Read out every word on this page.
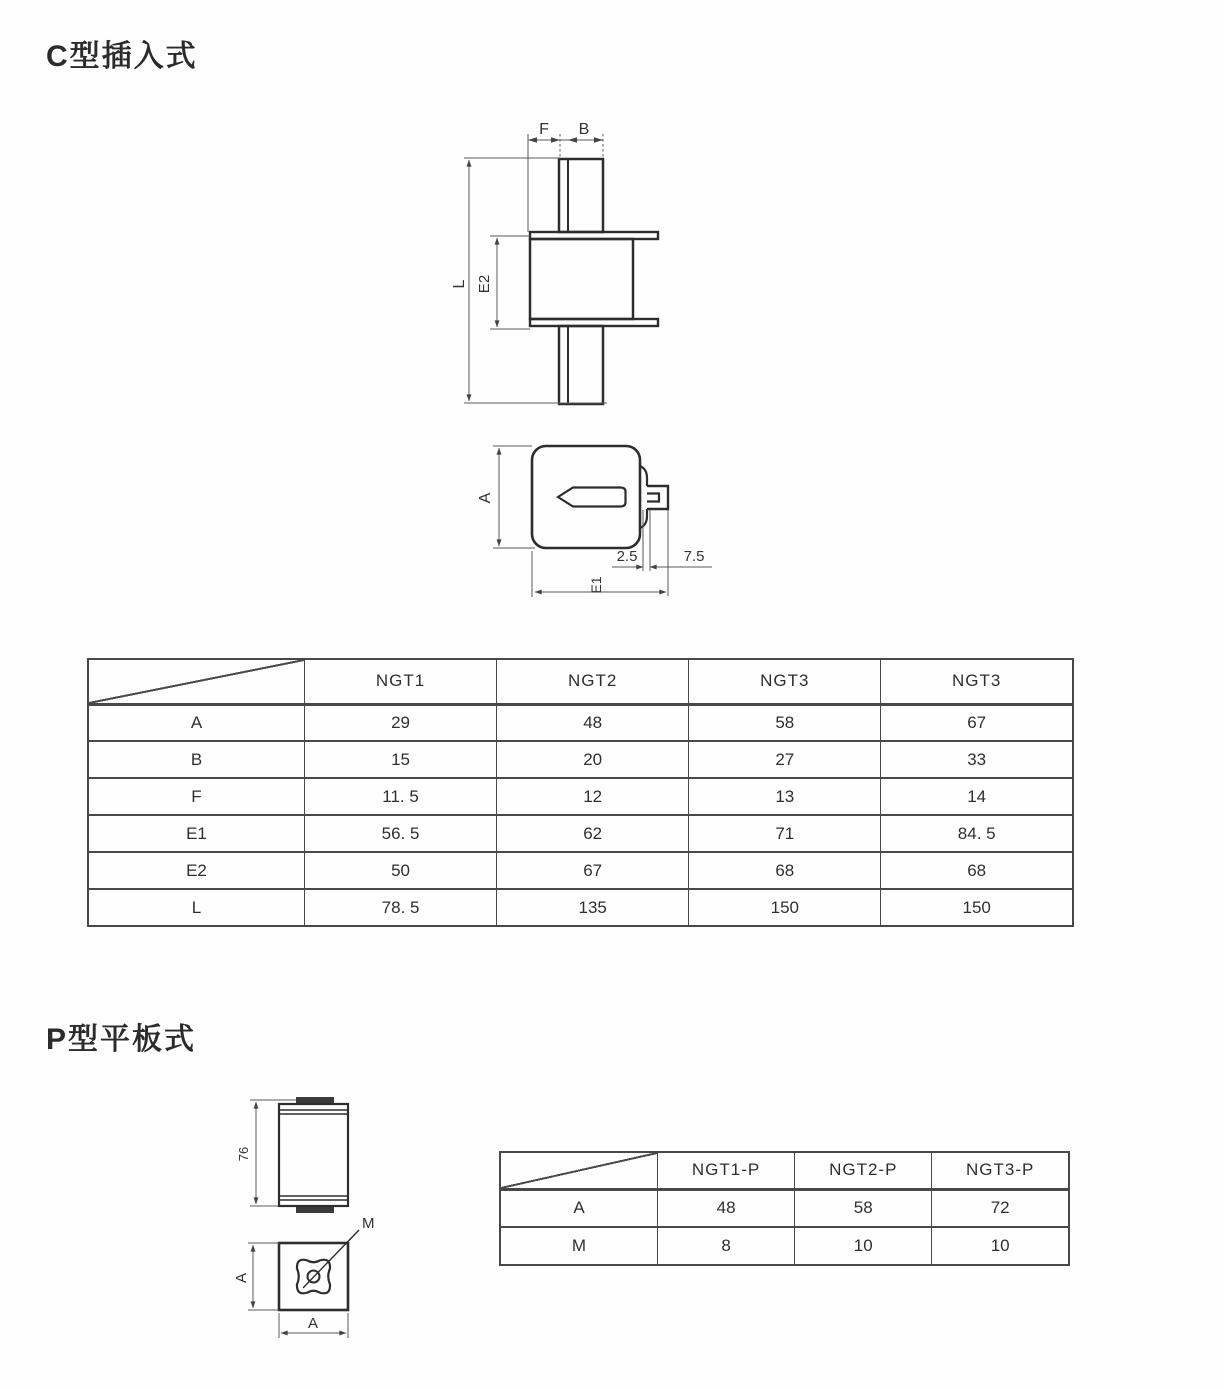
C型插入式
F B
L E2
A
2.5	7.5
E1
	NGT1	NGT2	NGT3	NGT3
A	29	48	58	67
B	15	20	27	33
F	11. 5	12	13	14
E1	56. 5	62	71	84. 5
E2	50	67	68	68
L	78. 5	135	150	150
P型平板式
76
M
A
A
	NGT1-P	NGT2-P	NGT3-P
A	48	58	72
M	8	10	10
